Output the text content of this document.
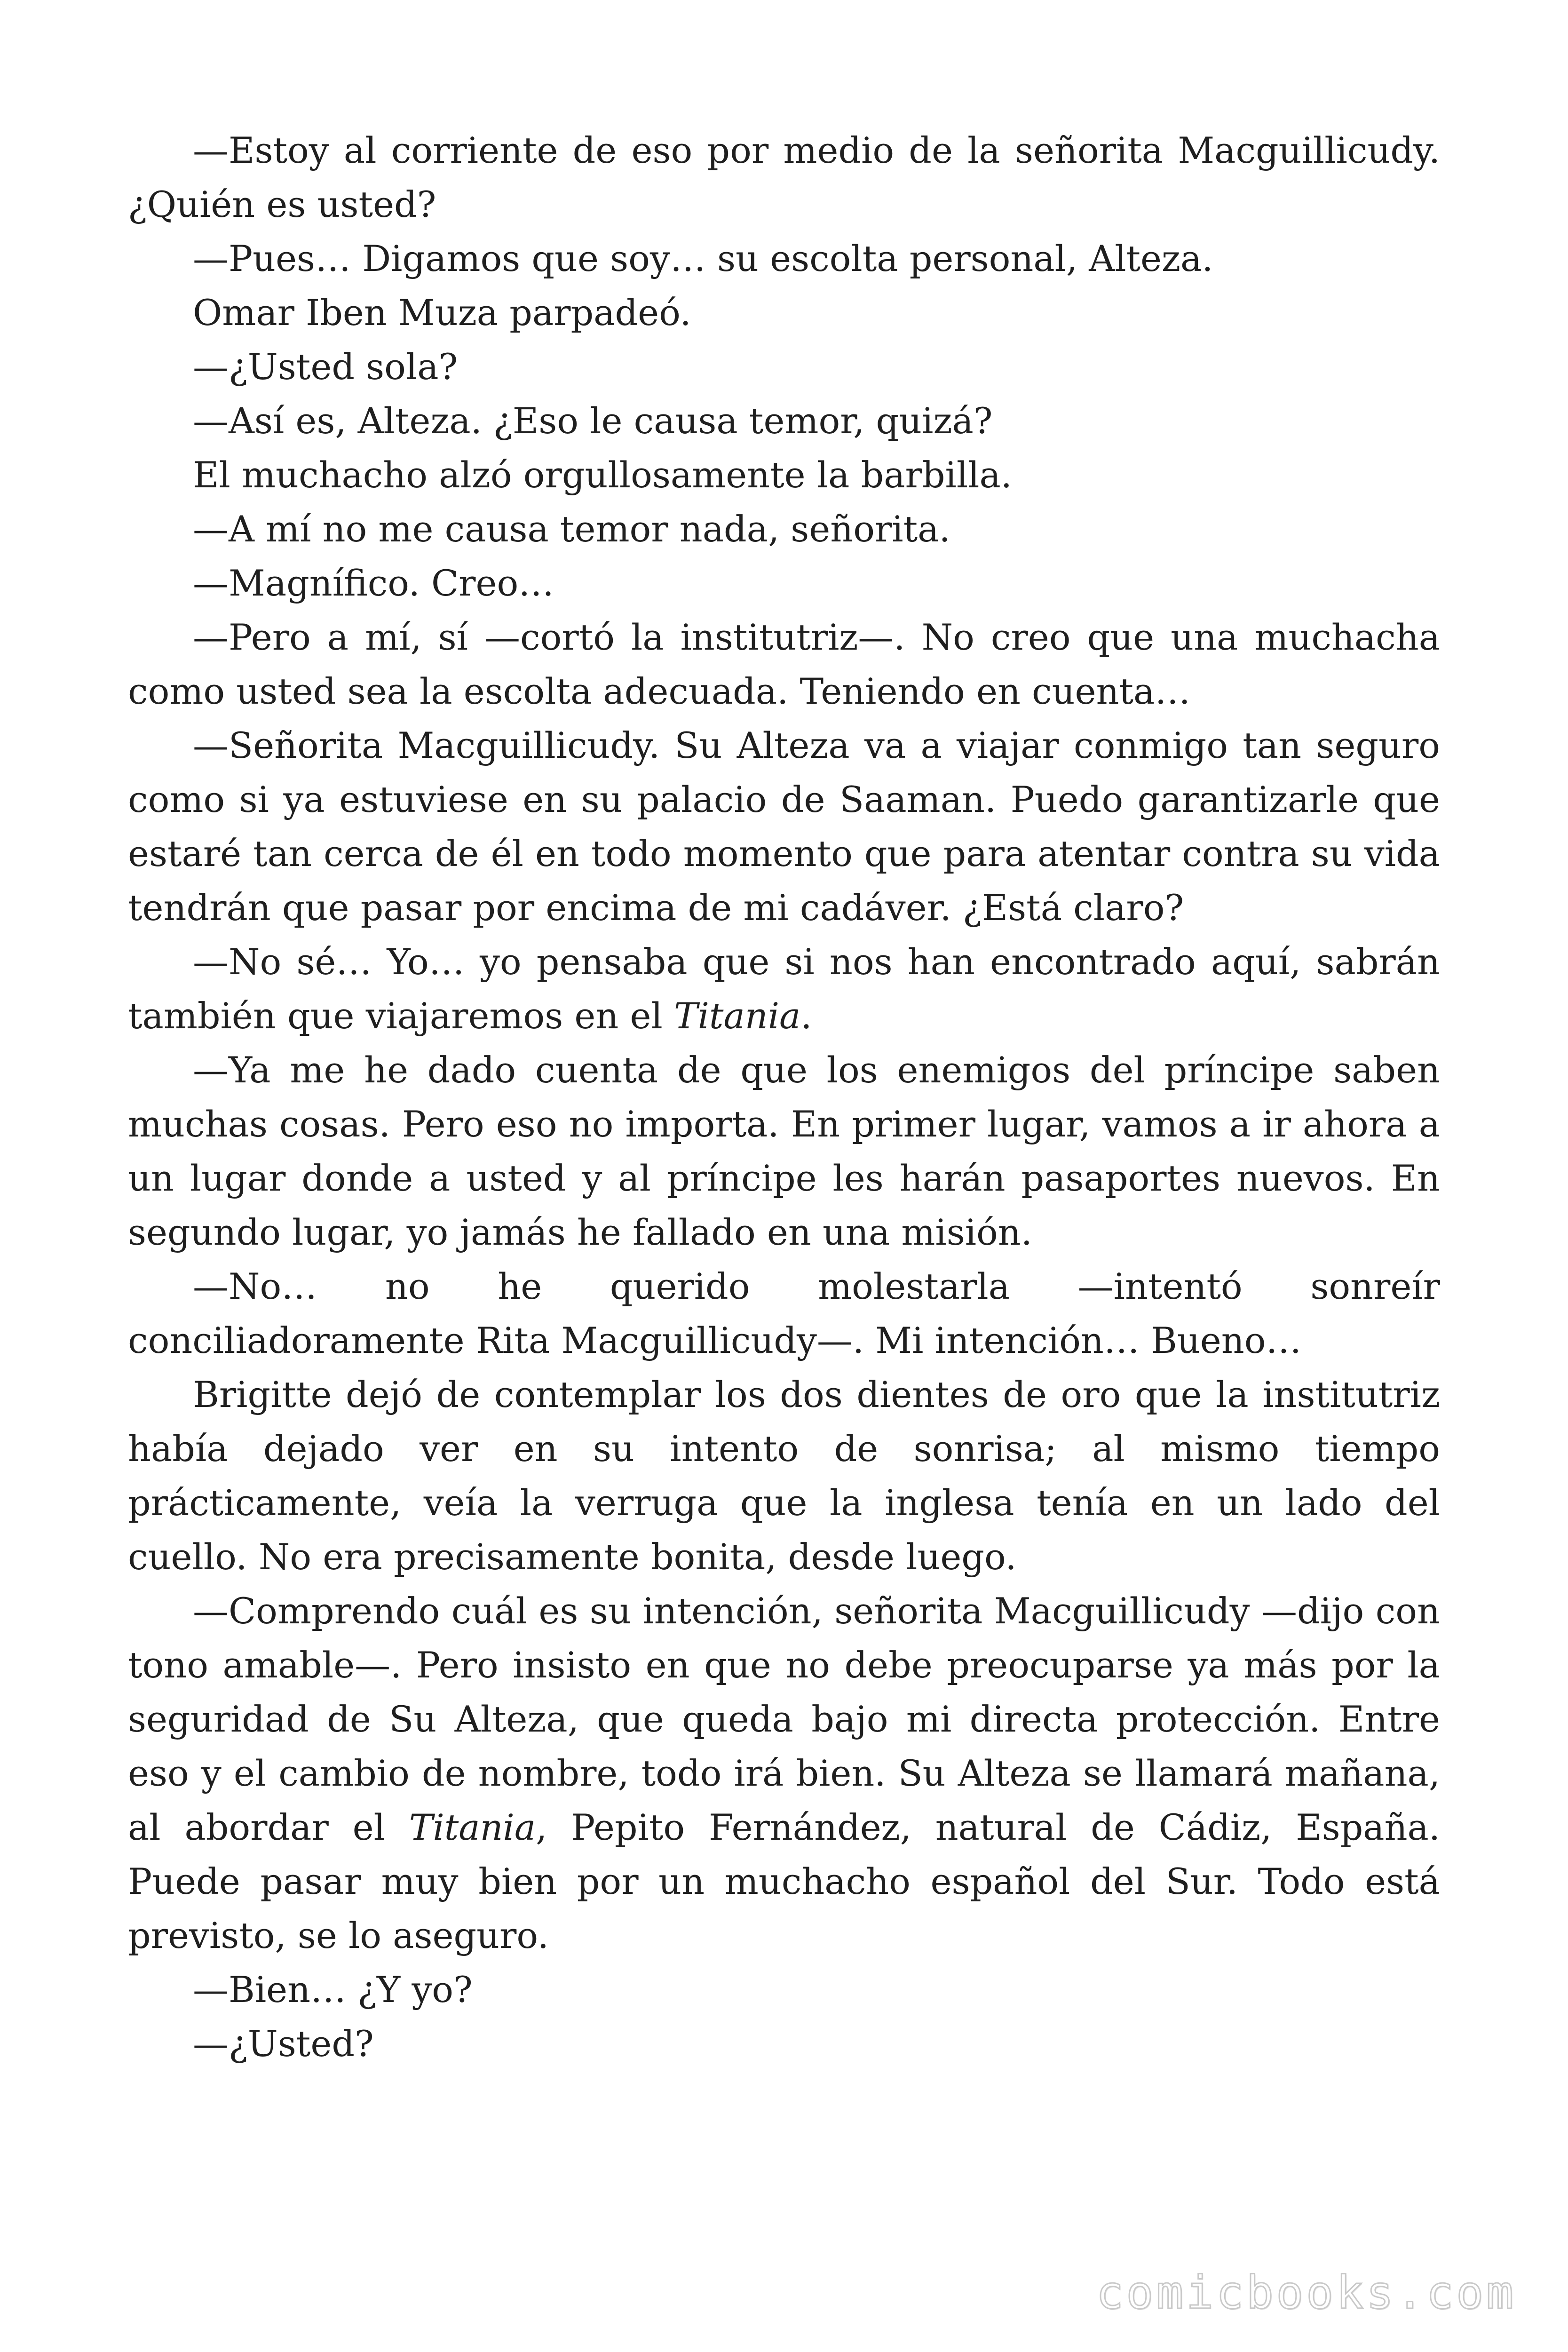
—Estoy al corriente de eso por medio de la señorita Macguillicudy. ¿Quién es usted?

—Pues… Digamos que soy… su escolta personal, Alteza.

Omar Iben Muza parpadeó.

—¿Usted sola?

—Así es, Alteza. ¿Eso le causa temor, quizá?

El muchacho alzó orgullosamente la barbilla.

—A mí no me causa temor nada, señorita.

—Magnífico. Creo…

—Pero a mí, sí —cortó la institutriz—. No creo que una muchacha como usted sea la escolta adecuada. Teniendo en cuenta…

—Señorita Macguillicudy. Su Alteza va a viajar conmigo tan seguro como si ya estuviese en su palacio de Saaman. Puedo garantizarle que estaré tan cerca de él en todo momento que para atentar contra su vida tendrán que pasar por encima de mi cadáver. ¿Está claro?

—No sé… Yo… yo pensaba que si nos han encontrado aquí, sabrán también que viajaremos en el Titania.

—Ya me he dado cuenta de que los enemigos del príncipe saben muchas cosas. Pero eso no importa. En primer lugar, vamos a ir ahora a un lugar donde a usted y al príncipe les harán pasaportes nuevos. En segundo lugar, yo jamás he fallado en una misión.

—No… no he querido molestarla —intentó sonreír conciliadoramente Rita Macguillicudy—. Mi intención… Bueno…

Brigitte dejó de contemplar los dos dientes de oro que la institutriz había dejado ver en su intento de sonrisa; al mismo tiempo prácticamente, veía la verruga que la inglesa tenía en un lado del cuello. No era precisamente bonita, desde luego.

—Comprendo cuál es su intención, señorita Macguillicudy —dijo con tono amable—. Pero insisto en que no debe preocuparse ya más por la seguridad de Su Alteza, que queda bajo mi directa protección. Entre eso y el cambio de nombre, todo irá bien. Su Alteza se llamará mañana, al abordar el Titania, Pepito Fernández, natural de Cádiz, España. Puede pasar muy bien por un muchacho español del Sur. Todo está previsto, se lo aseguro.

—Bien… ¿Y yo?

—¿Usted?

comicbooks.com
